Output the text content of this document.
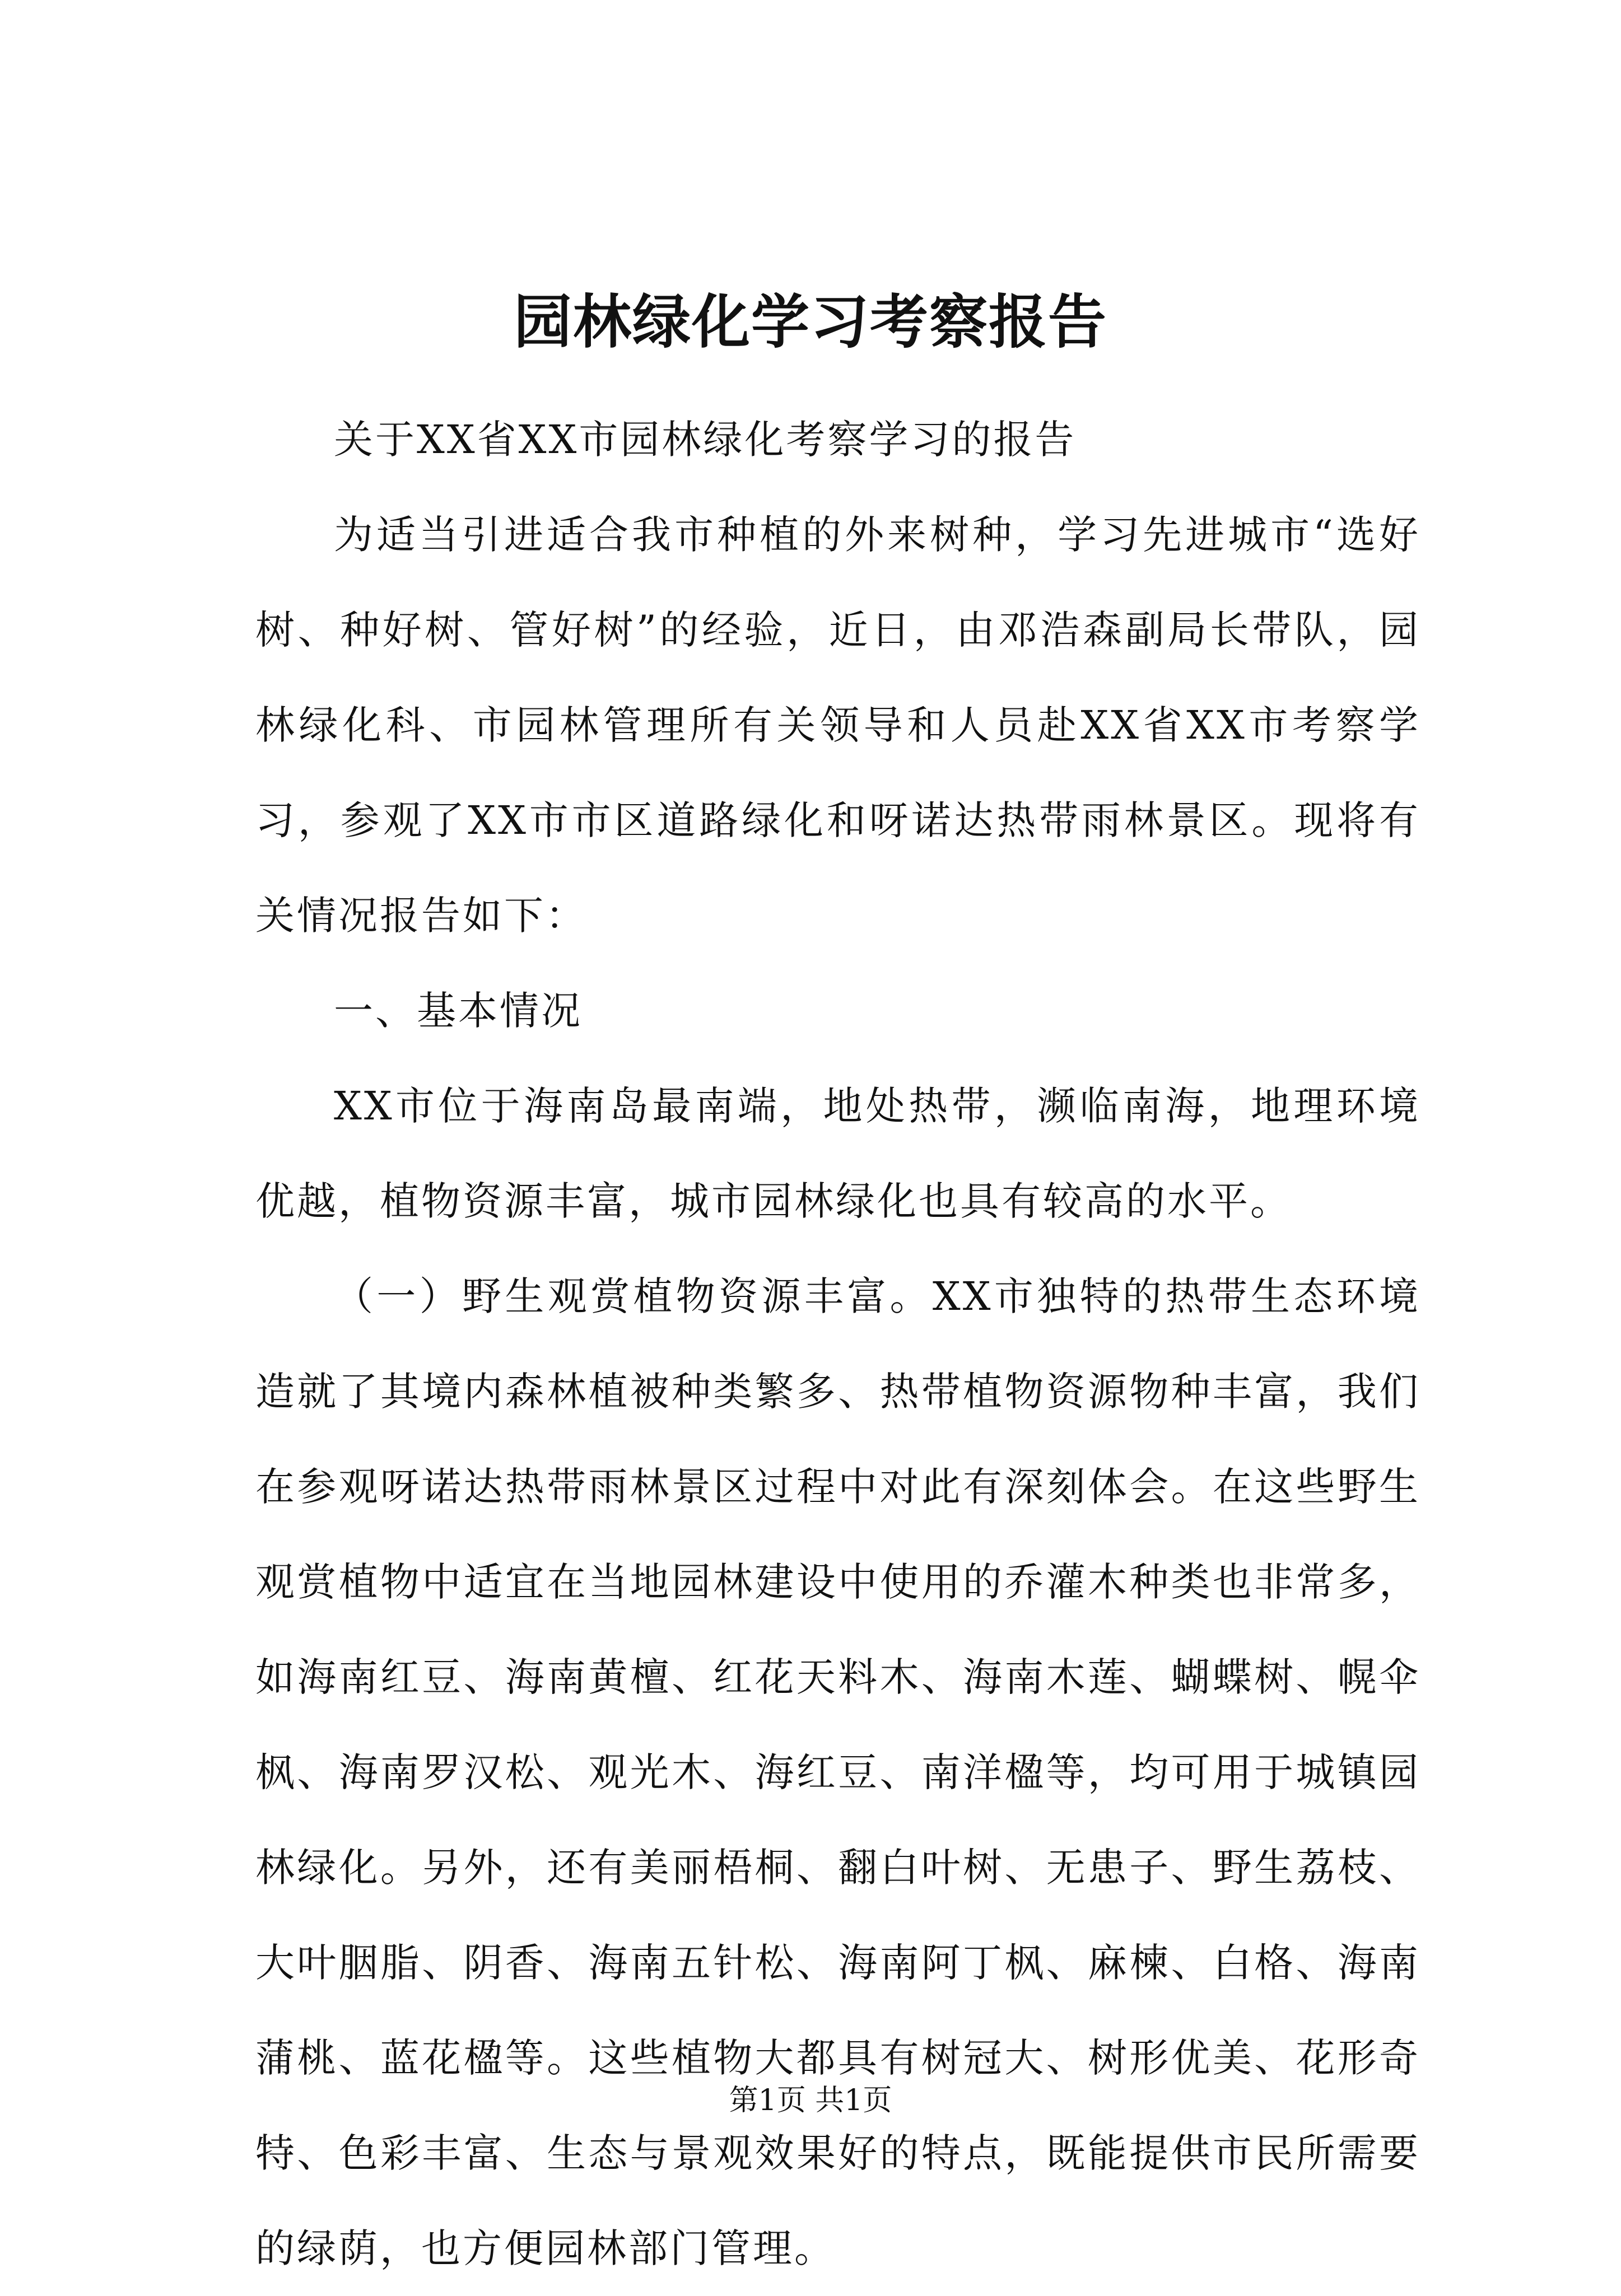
园林绿化学习考察报告

关于XX省XX市园林绿化考察学习的报告

为适当引进适合我市种植的外来树种，学习先进城市“选好树、种好树、管好树”的经验，近日，由邓浩森副局长带队，园林绿化科、市园林管理所有关领导和人员赴XX省XX市考察学习，参观了XX市市区道路绿化和呀诺达热带雨林景区。现将有关情况报告如下：

一、基本情况

XX市位于海南岛最南端，地处热带，濒临南海，地理环境优越，植物资源丰富，城市园林绿化也具有较高的水平。

（一）野生观赏植物资源丰富。XX市独特的热带生态环境造就了其境内森林植被种类繁多、热带植物资源物种丰富，我们在参观呀诺达热带雨林景区过程中对此有深刻体会。在这些野生观赏植物中适宜在当地园林建设中使用的乔灌木种类也非常多，如海南红豆、海南黄檀、红花天料木、海南木莲、蝴蝶树、幌伞枫、海南罗汉松、观光木、海红豆、南洋楹等，均可用于城镇园林绿化。另外，还有美丽梧桐、翻白叶树、无患子、野生荔枝、大叶胭脂、阴香、海南五针松、海南阿丁枫、麻楝、白格、海南蒲桃、蓝花楹等。这些植物大都具有树冠大、树形优美、花形奇特、色彩丰富、生态与景观效果好的特点，既能提供市民所需要的绿荫，也方便园林部门管理。

第1页 共1页
